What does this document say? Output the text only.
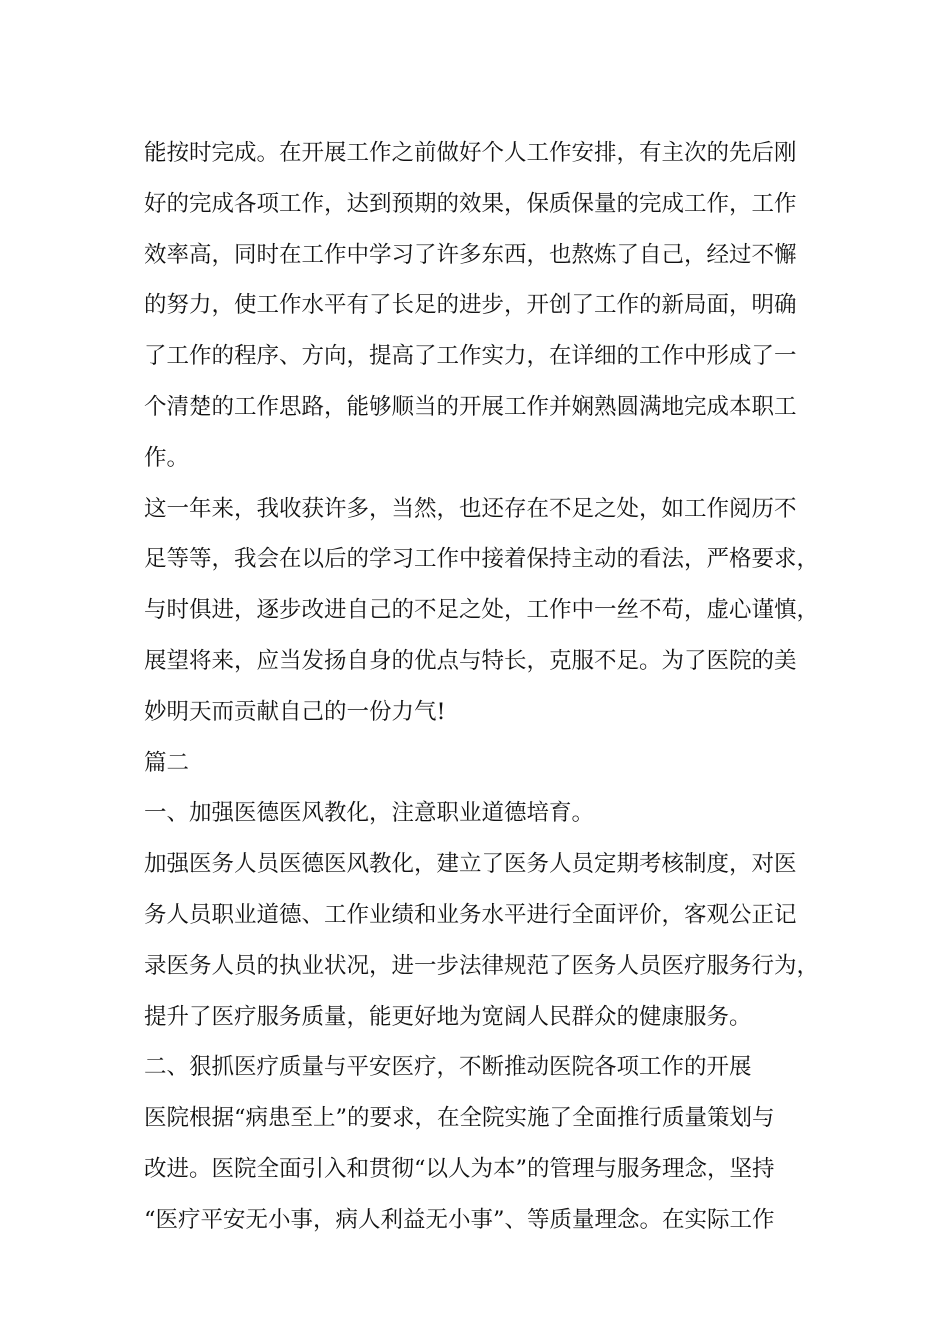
能按时完成。在开展工作之前做好个人工作安排，有主次的先后刚
好的完成各项工作，达到预期的效果，保质保量的完成工作，工作
效率高，同时在工作中学习了许多东西，也熬炼了自己，经过不懈
的努力，使工作水平有了长足的进步，开创了工作的新局面，明确
了工作的程序、方向，提高了工作实力，在详细的工作中形成了一
个清楚的工作思路，能够顺当的开展工作并娴熟圆满地完成本职工
作。
这一年来，我收获许多，当然，也还存在不足之处，如工作阅历不
足等等，我会在以后的学习工作中接着保持主动的看法，严格要求，
与时俱进，逐步改进自己的不足之处，工作中一丝不苟，虚心谨慎，
展望将来，应当发扬自身的优点与特长，克服不足。为了医院的美
妙明天而贡献自己的一份力气!
篇二
一、加强医德医风教化，注意职业道德培育。
加强医务人员医德医风教化，建立了医务人员定期考核制度，对医
务人员职业道德、工作业绩和业务水平进行全面评价，客观公正记
录医务人员的执业状况，进一步法律规范了医务人员医疗服务行为，
提升了医疗服务质量，能更好地为宽阔人民群众的健康服务。
二、狠抓医疗质量与平安医疗，不断推动医院各项工作的开展
医院根据“病患至上”的要求，在全院实施了全面推行质量策划与
改进。医院全面引入和贯彻“以人为本”的管理与服务理念，坚持
“医疗平安无小事，病人利益无小事”、等质量理念。在实际工作
